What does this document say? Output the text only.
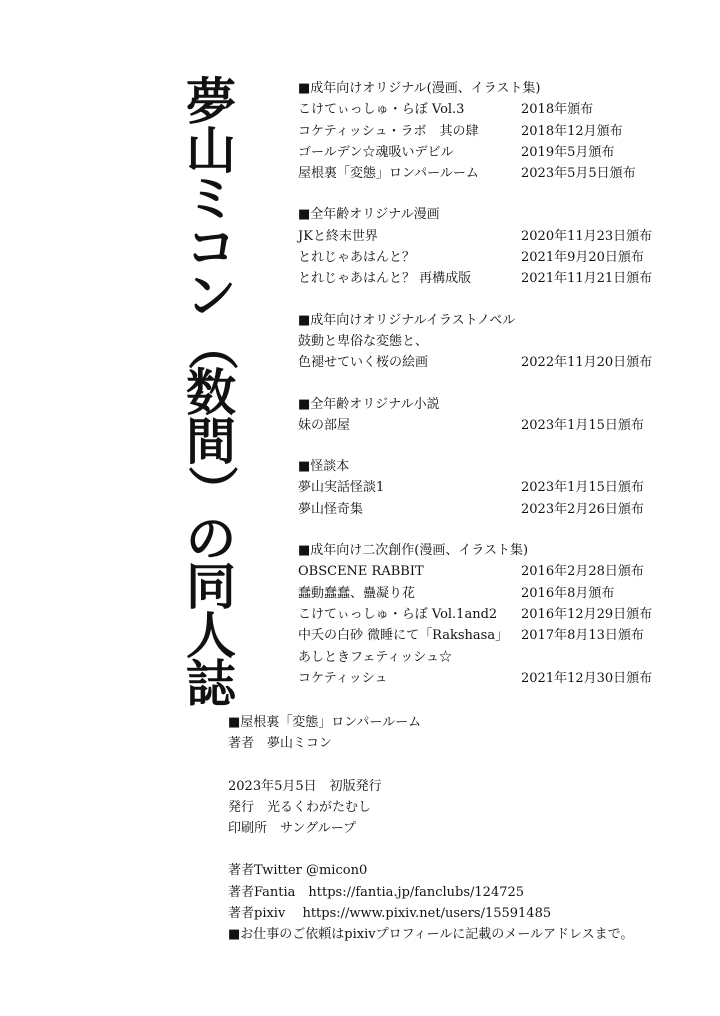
夢
山
ミ
コ
ン
（
数
間
）
の
同
人
誌
■成年向けオリジナル(漫画、イラスト集)
こけてぃっしゅ・らぼ Vol.3	2018年頒布
コケティッシュ・ラボ　其の肆	2018年12月頒布
ゴールデン☆魂吸いデビル	2019年5月頒布
屋根裏「変態」ロンパールーム	2023年5月5日頒布
■全年齢オリジナル漫画
JKと終末世界	2020年11月23日頒布
とれじゃあはんと？	2021年9月20日頒布
とれじゃあはんと？ 再構成版	2021年11月21日頒布
■成年向けオリジナルイラストノベル
鼓動と卑俗な変態と、
色褪せていく桜の絵画	2022年11月20日頒布
■全年齢オリジナル小説
妹の部屋	2023年1月15日頒布
■怪談本
夢山実話怪談1	2023年1月15日頒布
夢山怪奇集	2023年2月26日頒布
■成年向け二次創作(漫画、イラスト集)
OBSCENE RABBIT	2016年2月28日頒布
蠢動蠢蠢、蠱凝り花	2016年8月頒布
こけてぃっしゅ・らぼ Vol.1and2 2016年12月29日頒布
中夭の白砂 微睡にて「Rakshasa」 2017年8月13日頒布
あしときフェティッシュ☆
コケティッシュ	2021年12月30日頒布
■屋根裏「変態」ロンパールーム
著者　夢山ミコン
2023年5月5日　初版発行
発行　光るくわがたむし
印刷所　サングループ
著者Twitter @micon0
著者Fantia　https://fantia.jp/fanclubs/124725
著者pixiv　 https://www.pixiv.net/users/15591485
■お仕事のご依頼はpixivプロフィールに記載のメールアドレスまで。
